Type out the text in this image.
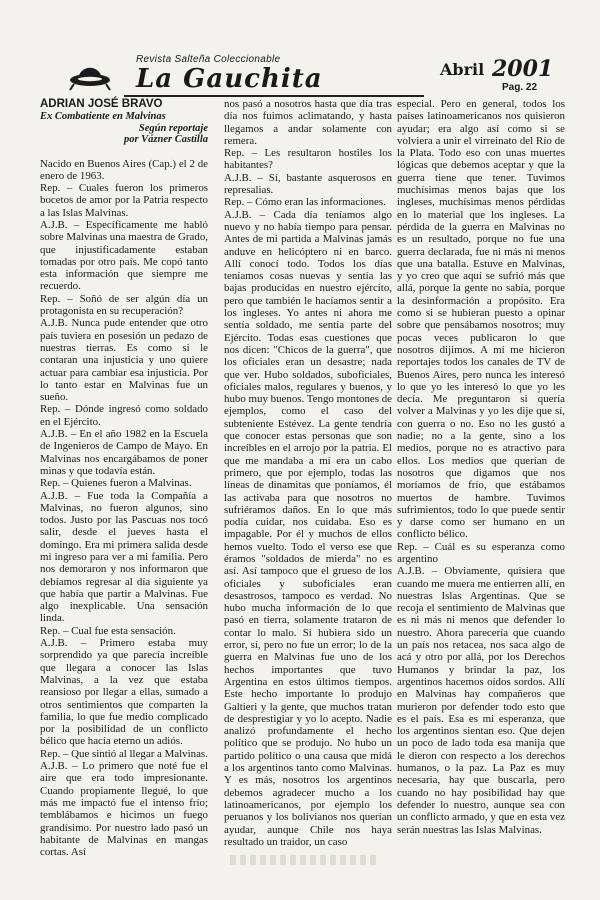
Revista Salteña Coleccionable
La Gauchita	Abril 2001
Pag. 22
ADRIAN JOSÉ BRAVO
Ex Combatiente en Malvinas
Según reportaje
por Vázner Castilla

Nacido en Buenos Aires (Cap.) el 2 de enero de 1963.

Rep. – Cuales fueron los primeros bocetos de amor por la Patria respecto a las Islas Malvinas.

A.J.B. – Específicamente me habló sobre Malvinas una maestra de Grado, que injustificadamente estaban tomadas por otro país. Me copó tanto esta información que siempre me recuerdo.

Rep. – Soñó de ser algún día un protagonista en su recuperación?

A.J.B. Nunca pude entender que otro país tuviera en posesión un pedazo de nuestras tierras. Es como si le contaran una injusticia y uno quiere actuar para cambiar esa injusticia. Por lo tanto estar en Malvinas fue un sueño.

Rep. – Dónde ingresó como soldado en el Ejército.

A.J.B. – En el año 1982 en la Escuela de Ingenieros de Campo de Mayo. En Malvinas nos encargábamos de poner minas y que todavía están.

Rep. – Quienes fueron a Malvinas.

A.J.B. – Fue toda la Compañía a Malvinas, no fueron algunos, sino todos. Justo por las Pascuas nos tocó salir, desde el jueves hasta el domingo. Era mi primera salida desde mi ingreso para ver a mi familia. Pero nos demoraron y nos informaron que debíamos regresar al día siguiente ya que había que partir a Malvinas. Fue algo inexplicable. Una sensación linda.

Rep. – Cual fue esta sensación.

A.J.B. – Primero estaba muy sorprendido ya que parecía increíble que llegara a conocer las Islas Malvinas, a la vez que estaba reansioso por llegar a ellas, sumado a otros sentimientos que comparten la familia, lo que fue medio complicado por la posibilidad de un conflicto bélico que hacía eterno un adiós.

Rep. – Que sintió al llegar a Malvinas.

A.J.B. – Lo primero que noté fue el aire que era todo impresionante. Cuando propiamente llegué, lo que más me impactó fue el intenso frío; temblábamos e hicimos un fuego grandísimo. Por nuestro lado pasó un habitante de Malvinas en mangas cortas. Así

nos pasó a nosotros hasta que día tras día nos fuimos aclimatando, y hasta llegamos a andar solamente con remera.

Rep. – Les resultaron hostiles los habitantes?

A.J.B. – Sí, bastante asquerosos en represalias.

Rep. – Cómo eran las informaciones.

A.J.B. – Cada día teníamos algo nuevo y no había tiempo para pensar. Antes de mi partida a Malvinas jamás anduve en helicóptero ni en barco. Allí conocí todo. Todos los días teníamos cosas nuevas y sentía las bajas producidas en nuestro ejército, pero que también le hacíamos sentir a los ingleses. Yo antes ni ahora me sentía soldado, me sentía parte del Ejército. Todas esas cuestiones que nos dicen: "Chicos de la guerra", que los oficiales eran un desastre; nada que ver. Hubo soldados, suboficiales, oficiales malos, regulares y buenos, y hubo muy buenos. Tengo montones de ejemplos, como el caso del subteniente Estévez. La gente tendría que conocer estas personas que son increíbles en el arrojo por la patria. El que me mandaba a mí era un cabo primero, que por ejemplo, todas las líneas de dinamitas que poníamos, él las activaba para que nosotros no sufriéramos daños. En lo que más podía cuidar, nos cuidaba. Eso es impagable. Por él y muchos de ellos hemos vuelto. Todo el verso ese que éramos "soldados de mierda" no es así. Así tampoco que el grueso de los oficiales y suboficiales eran desastrosos, tampoco es verdad. No hubo mucha información de lo que pasó en tierra, solamente trataron de contar lo malo. Si hubiera sido un error, sí, pero no fue un error; lo de la guerra en Malvinas fue uno de los hechos importantes que tuvo Argentina en estos últimos tiempos. Este hecho importante lo produjo Galtieri y la gente, que muchos tratan de desprestigiar y yo lo acepto. Nadie analizó profundamente el hecho político que se produjo. No hubo un partido político o una causa que midá a los argentinos tanto como Malvinas. Y es más, nosotros los argentinos debemos agradecer mucho a los latinoamericanos, por ejemplo los peruanos y los bolivianos nos querían ayudar, aunque Chile nos haya resultado un traidor, un caso

especial. Pero en general, todos los países latinoamericanos nos quisieron ayudar; era algo así como si se volviera a unir el virreinato del Río de la Plata. Todo eso con unas muertes lógicas que debemos aceptar y que la guerra tiene que tener. Tuvimos muchísimas menos bajas que los ingleses, muchísimas menos pérdidas en lo material que los ingleses. La pérdida de la guerra en Malvinas no es un resultado, porque no fue una guerra declarada, fue ni más ni menos que una batalla. Estuve en Malvinas, y yo creo que aquí se sufrió más que allá, porque la gente no sabía, porque la desinformación a propósito. Era como si se hubieran puesto a opinar sobre que pensábamos nosotros; muy pocas veces publicaron lo que nosotros dijimos. A mí me hicieron reportajes todos los canales de TV de Buenos Aires, pero nunca les interesó lo que yo les interesó lo que yo les decía. Me preguntaron si quería volver a Malvinas y yo les dije que sí, con guerra o no. Eso no les gustó a nadie; no a la gente, sino a los medios, porque no es atractivo para ellos. Los medios que querían de nosotros que digamos que nos moríamos de frío, que estábamos muertos de hambre. Tuvimos sufrimientos, todo lo que puede sentir y darse como ser humano en un conflicto bélico.

Rep. – Cuál es su esperanza como argentino

A.J.B. – Obviamente, quisiera que cuando me muera me entierren allí, en nuestras Islas Argentinas. Que se recoja el sentimiento de Malvinas que es ni más ni menos que defender lo nuestro. Ahora parecería que cuando un país nos retacea, nos saca algo de acá y otro por allá, por los Derechos Humanos y brindar la paz, los argentinos hacemos oídos sordos. Allí en Malvinas hay compañeros que murieron por defender todo esto que es el país. Esa es mi esperanza, que los argentinos sientan eso. Que dejen un poco de lado toda esa manija que le dieron con respecto a los derechos humanos, o la paz. La Paz es muy necesaria, hay que buscarla, pero cuando no hay posibilidad hay que defender lo nuestro, aunque sea con un conflicto armado, y que en esta vez serán nuestras las Islas Malvinas.
